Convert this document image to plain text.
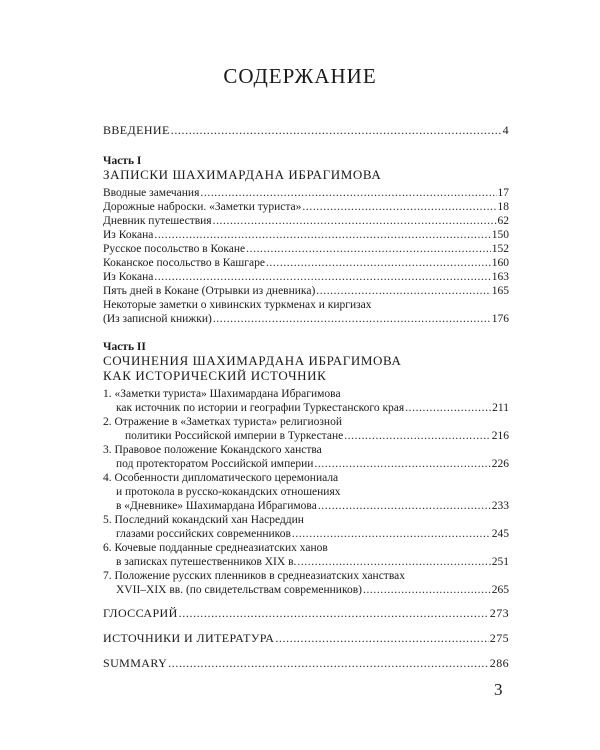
СОДЕРЖАНИЕ
ВВЕДЕНИЕ .....	4
Часть I
ЗАПИСКИ ШАХИМАРДАНА ИБРАГИМОВА
Вводные замечания .....	17
Дорожные наброски. «Заметки туриста» .....	18
Дневник путешествия .....	62
Из Кокана .....	150
Русское посольство в Кокане .....	152
Коканское посольство в Кашгаре .....	160
Из Кокана .....	163
Пять дней в Кокане (Отрывки из дневника) .....	165
Некоторые заметки о хивинских туркменах и киргизах
(Из записной книжки) .....	176
Часть II
СОЧИНЕНИЯ ШАХИМАРДАНА ИБРАГИМОВА
КАК ИСТОРИЧЕСКИЙ ИСТОЧНИК
1. «Заметки туриста» Шахимардана Ибрагимова
как источник по истории и географии Туркестанского края .....	211
2. Отражение в «Заметках туриста» религиозной
политики Российской империи в Туркестане .....	216
3. Правовое положение Кокандского ханства
под протекторатом Российской империи .....	226
4. Особенности дипломатического церемониала
и протокола в русско-кокандских отношениях
в «Дневнике» Шахимардана Ибрагимова .....	233
5. Последний кокандский хан Насреддин
глазами российских современников .....	245
6. Кочевые подданные среднеазиатских ханов
в записках путешественников XIX в. .....	251
7. Положение русских пленников в среднеазиатских ханствах
XVII–XIX вв. (по свидетельствам современников) .....	265
ГЛОССАРИЙ .....	273
ИСТОЧНИКИ И ЛИТЕРАТУРА .....	275
SUMMARY .....	286
3
